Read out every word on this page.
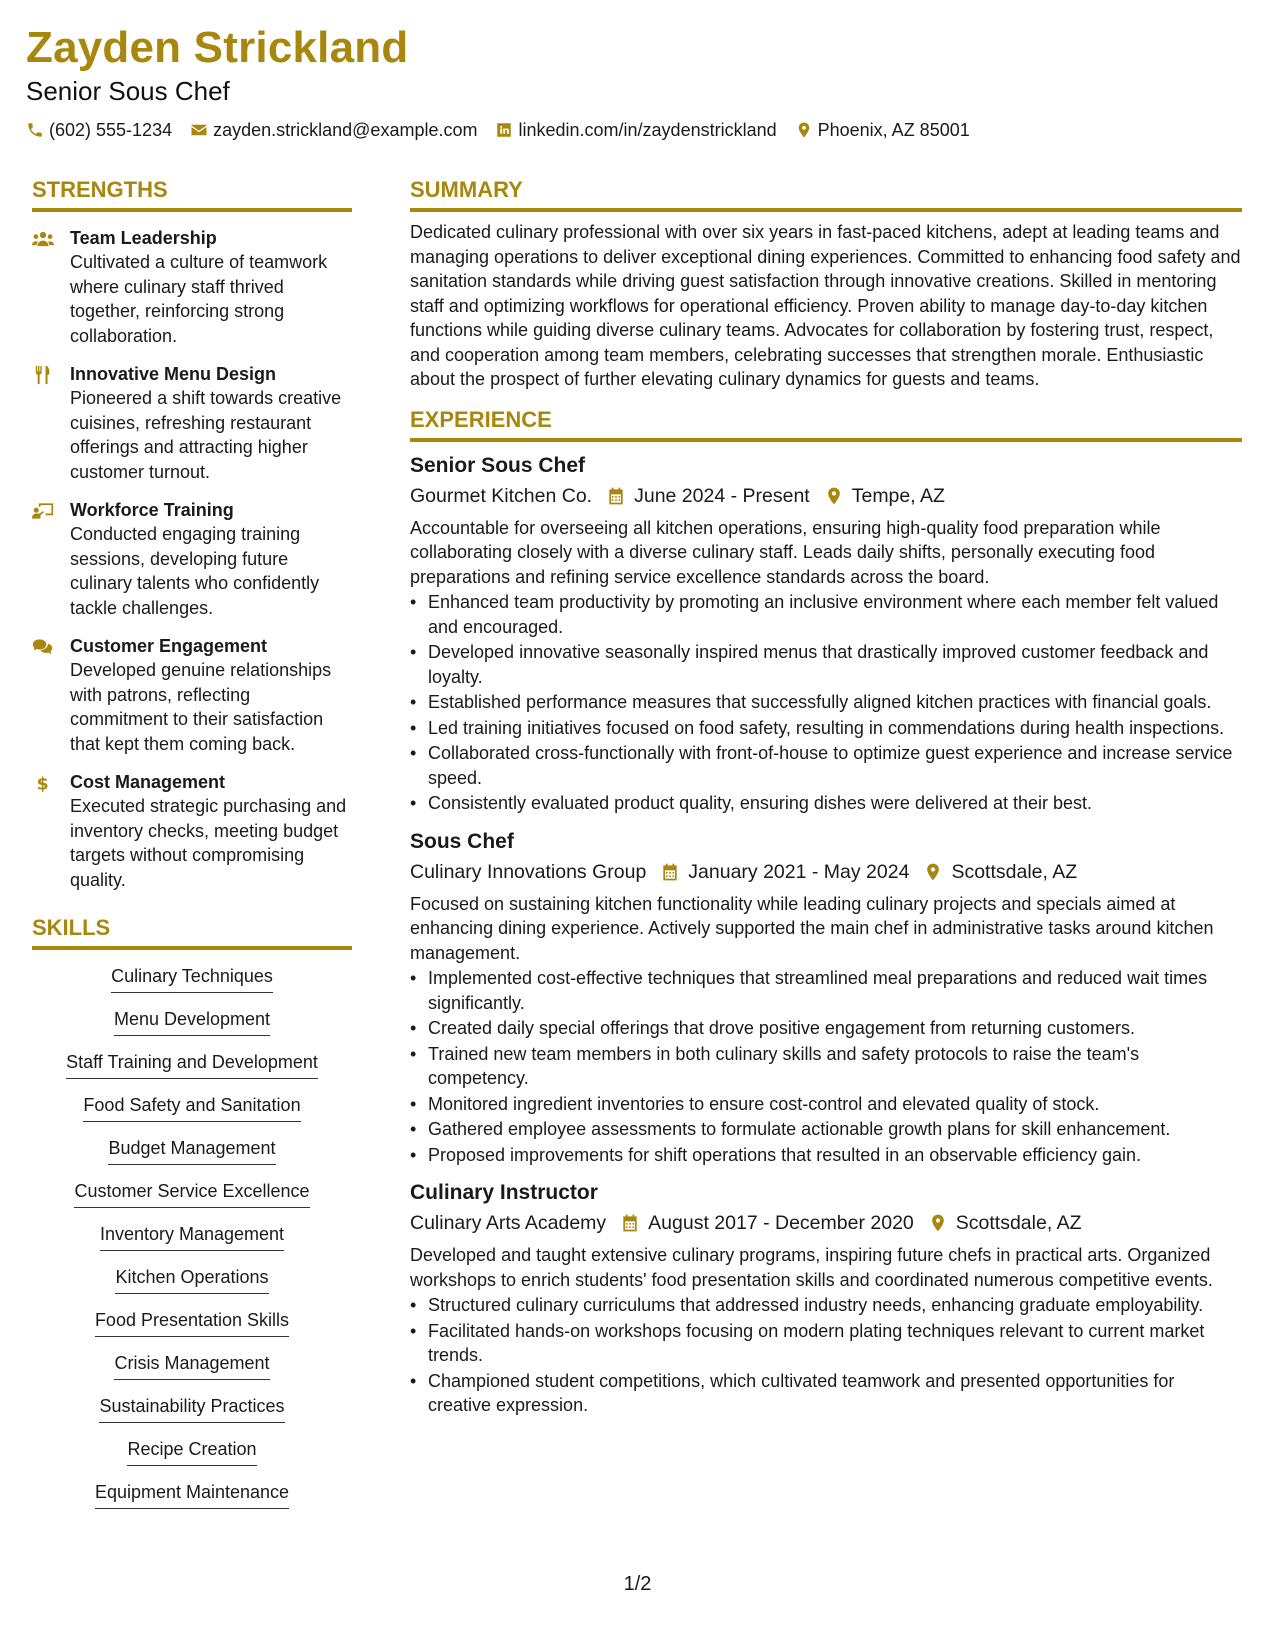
Zayden Strickland
Senior Sous Chef
(602) 555-1234 zayden.strickland@example.com linkedin.com/in/zaydenstrickland Phoenix, AZ 85001
STRENGTHS
Team Leadership
Cultivated a culture of teamwork where culinary staff thrived together, reinforcing strong collaboration.
Innovative Menu Design
Pioneered a shift towards creative cuisines, refreshing restaurant offerings and attracting higher customer turnout.
Workforce Training
Conducted engaging training sessions, developing future culinary talents who confidently tackle challenges.
Customer Engagement
Developed genuine relationships with patrons, reflecting commitment to their satisfaction that kept them coming back.
$ Cost Management
Executed strategic purchasing and inventory checks, meeting budget targets without compromising quality.
SKILLS
Culinary Techniques
Menu Development
Staff Training and Development
Food Safety and Sanitation
Budget Management
Customer Service Excellence
Inventory Management
Kitchen Operations
Food Presentation Skills
Crisis Management
Sustainability Practices
Recipe Creation
Equipment Maintenance
SUMMARY
Dedicated culinary professional with over six years in fast-paced kitchens, adept at leading teams and managing operations to deliver exceptional dining experiences. Committed to enhancing food safety and sanitation standards while driving guest satisfaction through innovative creations. Skilled in mentoring staff and optimizing workflows for operational efficiency. Proven ability to manage day-to-day kitchen functions while guiding diverse culinary teams. Advocates for collaboration by fostering trust, respect, and cooperation among team members, celebrating successes that strengthen morale. Enthusiastic about the prospect of further elevating culinary dynamics for guests and teams.
EXPERIENCE
Senior Sous Chef
Gourmet Kitchen Co. June 2024 - Present Tempe, AZ
Accountable for overseeing all kitchen operations, ensuring high-quality food preparation while collaborating closely with a diverse culinary staff. Leads daily shifts, personally executing food preparations and refining service excellence standards across the board.
• Enhanced team productivity by promoting an inclusive environment where each member felt valued and encouraged.
• Developed innovative seasonally inspired menus that drastically improved customer feedback and loyalty.
• Established performance measures that successfully aligned kitchen practices with financial goals.
• Led training initiatives focused on food safety, resulting in commendations during health inspections.
• Collaborated cross-functionally with front-of-house to optimize guest experience and increase service speed.
• Consistently evaluated product quality, ensuring dishes were delivered at their best.
Sous Chef
Culinary Innovations Group January 2021 - May 2024 Scottsdale, AZ
Focused on sustaining kitchen functionality while leading culinary projects and specials aimed at enhancing dining experience. Actively supported the main chef in administrative tasks around kitchen management.
• Implemented cost-effective techniques that streamlined meal preparations and reduced wait times significantly.
• Created daily special offerings that drove positive engagement from returning customers.
• Trained new team members in both culinary skills and safety protocols to raise the team's competency.
• Monitored ingredient inventories to ensure cost-control and elevated quality of stock.
• Gathered employee assessments to formulate actionable growth plans for skill enhancement.
• Proposed improvements for shift operations that resulted in an observable efficiency gain.
Culinary Instructor
Culinary Arts Academy August 2017 - December 2020 Scottsdale, AZ
Developed and taught extensive culinary programs, inspiring future chefs in practical arts. Organized workshops to enrich students' food presentation skills and coordinated numerous competitive events.
• Structured culinary curriculums that addressed industry needs, enhancing graduate employability.
• Facilitated hands-on workshops focusing on modern plating techniques relevant to current market trends.
• Championed student competitions, which cultivated teamwork and presented opportunities for creative expression.
1/2
